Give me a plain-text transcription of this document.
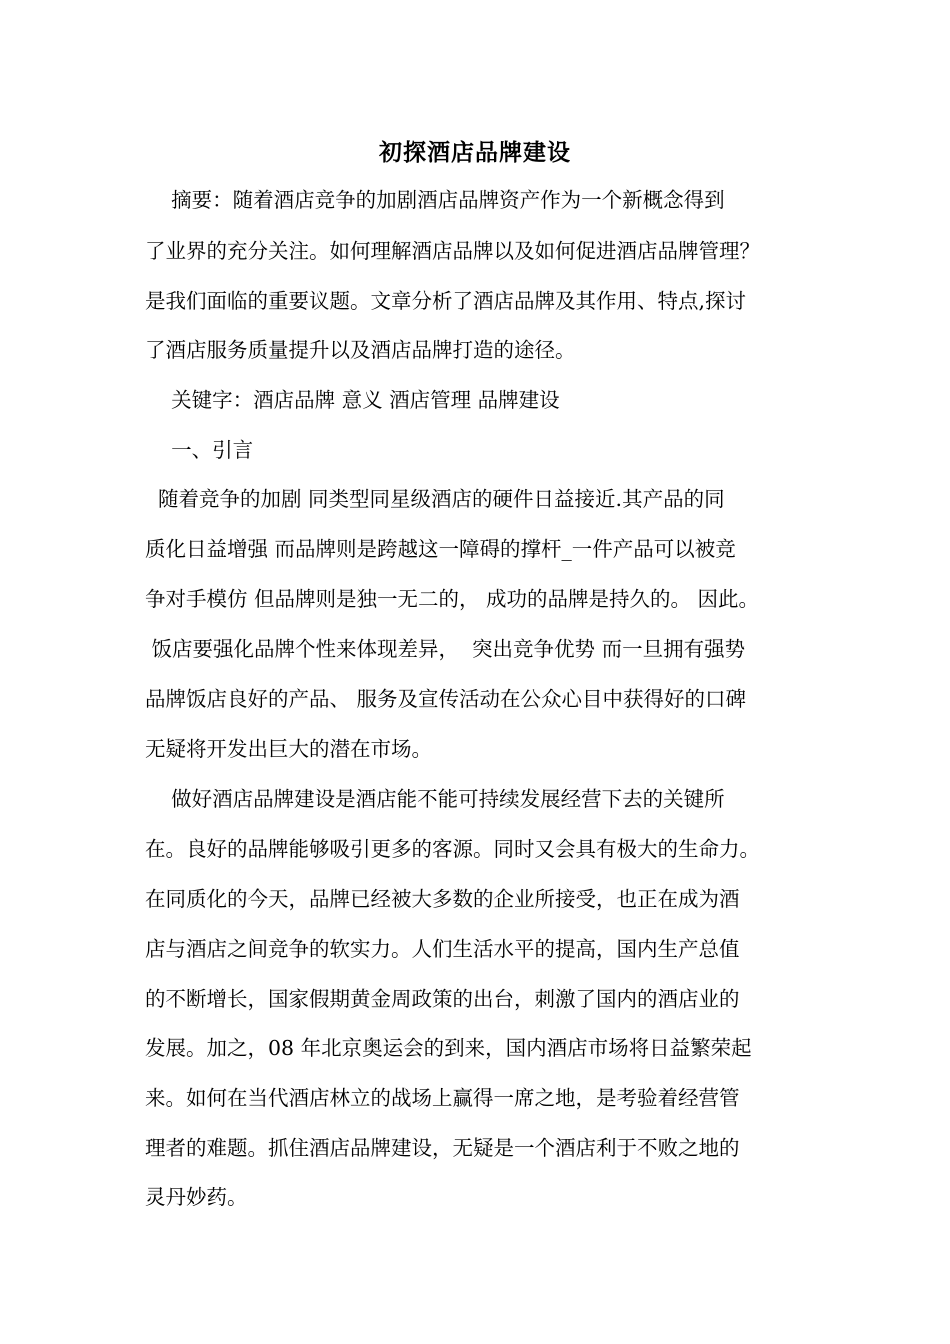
初探酒店品牌建设
摘要：随着酒店竞争的加剧酒店品牌资产作为一个新概念得到
了业界的充分关注。如何理解酒店品牌以及如何促进酒店品牌管理？
是我们面临的重要议题。文章分析了酒店品牌及其作用、特点,探讨
了酒店服务质量提升以及酒店品牌打造的途径。
关键字：酒店品牌 意义 酒店管理 品牌建设
一、引言
随着竞争的加剧 同类型同星级酒店的硬件日益接近.其产品的同
质化日益增强 而品牌则是跨越这一障碍的撑杆_一件产品可以被竞
争对手模仿 但品牌则是独一无二的， 成功的品牌是持久的。 因此。
饭店要强化品牌个性来体现差异，  突出竞争优势 而一旦拥有强势
品牌饭店良好的产品、 服务及宣传活动在公众心目中获得好的口碑
无疑将开发出巨大的潜在市场。
做好酒店品牌建设是酒店能不能可持续发展经营下去的关键所
在。良好的品牌能够吸引更多的客源。同时又会具有极大的生命力。
在同质化的今天，品牌已经被大多数的企业所接受，也正在成为酒
店与酒店之间竞争的软实力。人们生活水平的提高，国内生产总值
的不断增长，国家假期黄金周政策的出台，刺激了国内的酒店业的
发展。加之，08 年北京奥运会的到来，国内酒店市场将日益繁荣起
来。如何在当代酒店林立的战场上赢得一席之地，是考验着经营管
理者的难题。抓住酒店品牌建设，无疑是一个酒店利于不败之地的
灵丹妙药。
